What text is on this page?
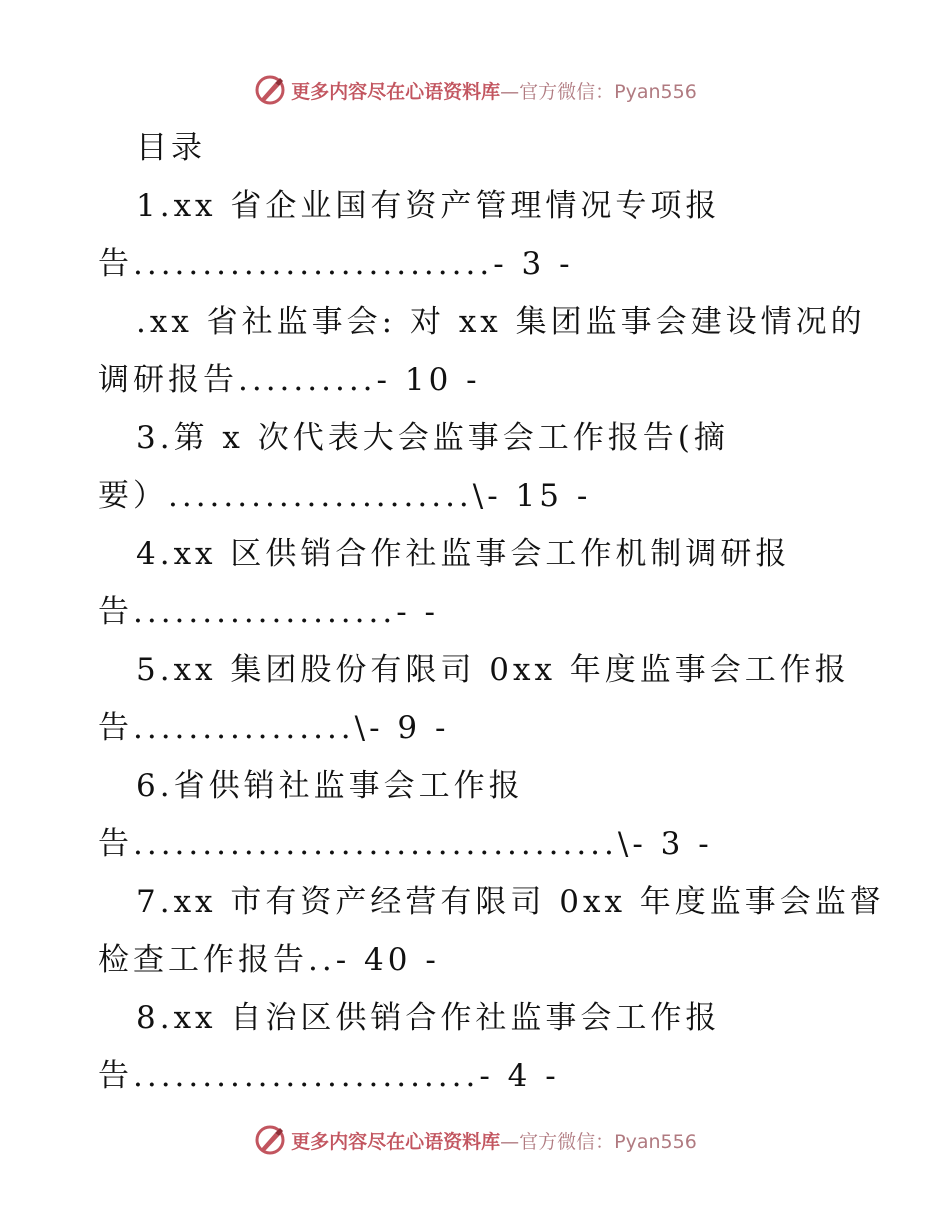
更多内容尽在心语资料库—官方微信：Pyan556
目录
1.xx 省企业国有资产管理情况专项报
告..........................- 3 -
.xx 省社监事会: 对 xx 集团监事会建设情况的
调研报告..........- 10 -
3.第 x 次代表大会监事会工作报告(摘
要）......................\- 15 -
4.xx 区供销合作社监事会工作机制调研报
告...................- -
5.xx 集团股份有限司 0xx 年度监事会工作报
告................\- 9 -
6.省供销社监事会工作报
告...................................\- 3 -
7.xx 市有资产经营有限司 0xx 年度监事会监督
检查工作报告..- 40 -
8.xx 自治区供销合作社监事会工作报
告.........................- 4 -
更多内容尽在心语资料库—官方微信：Pyan556
